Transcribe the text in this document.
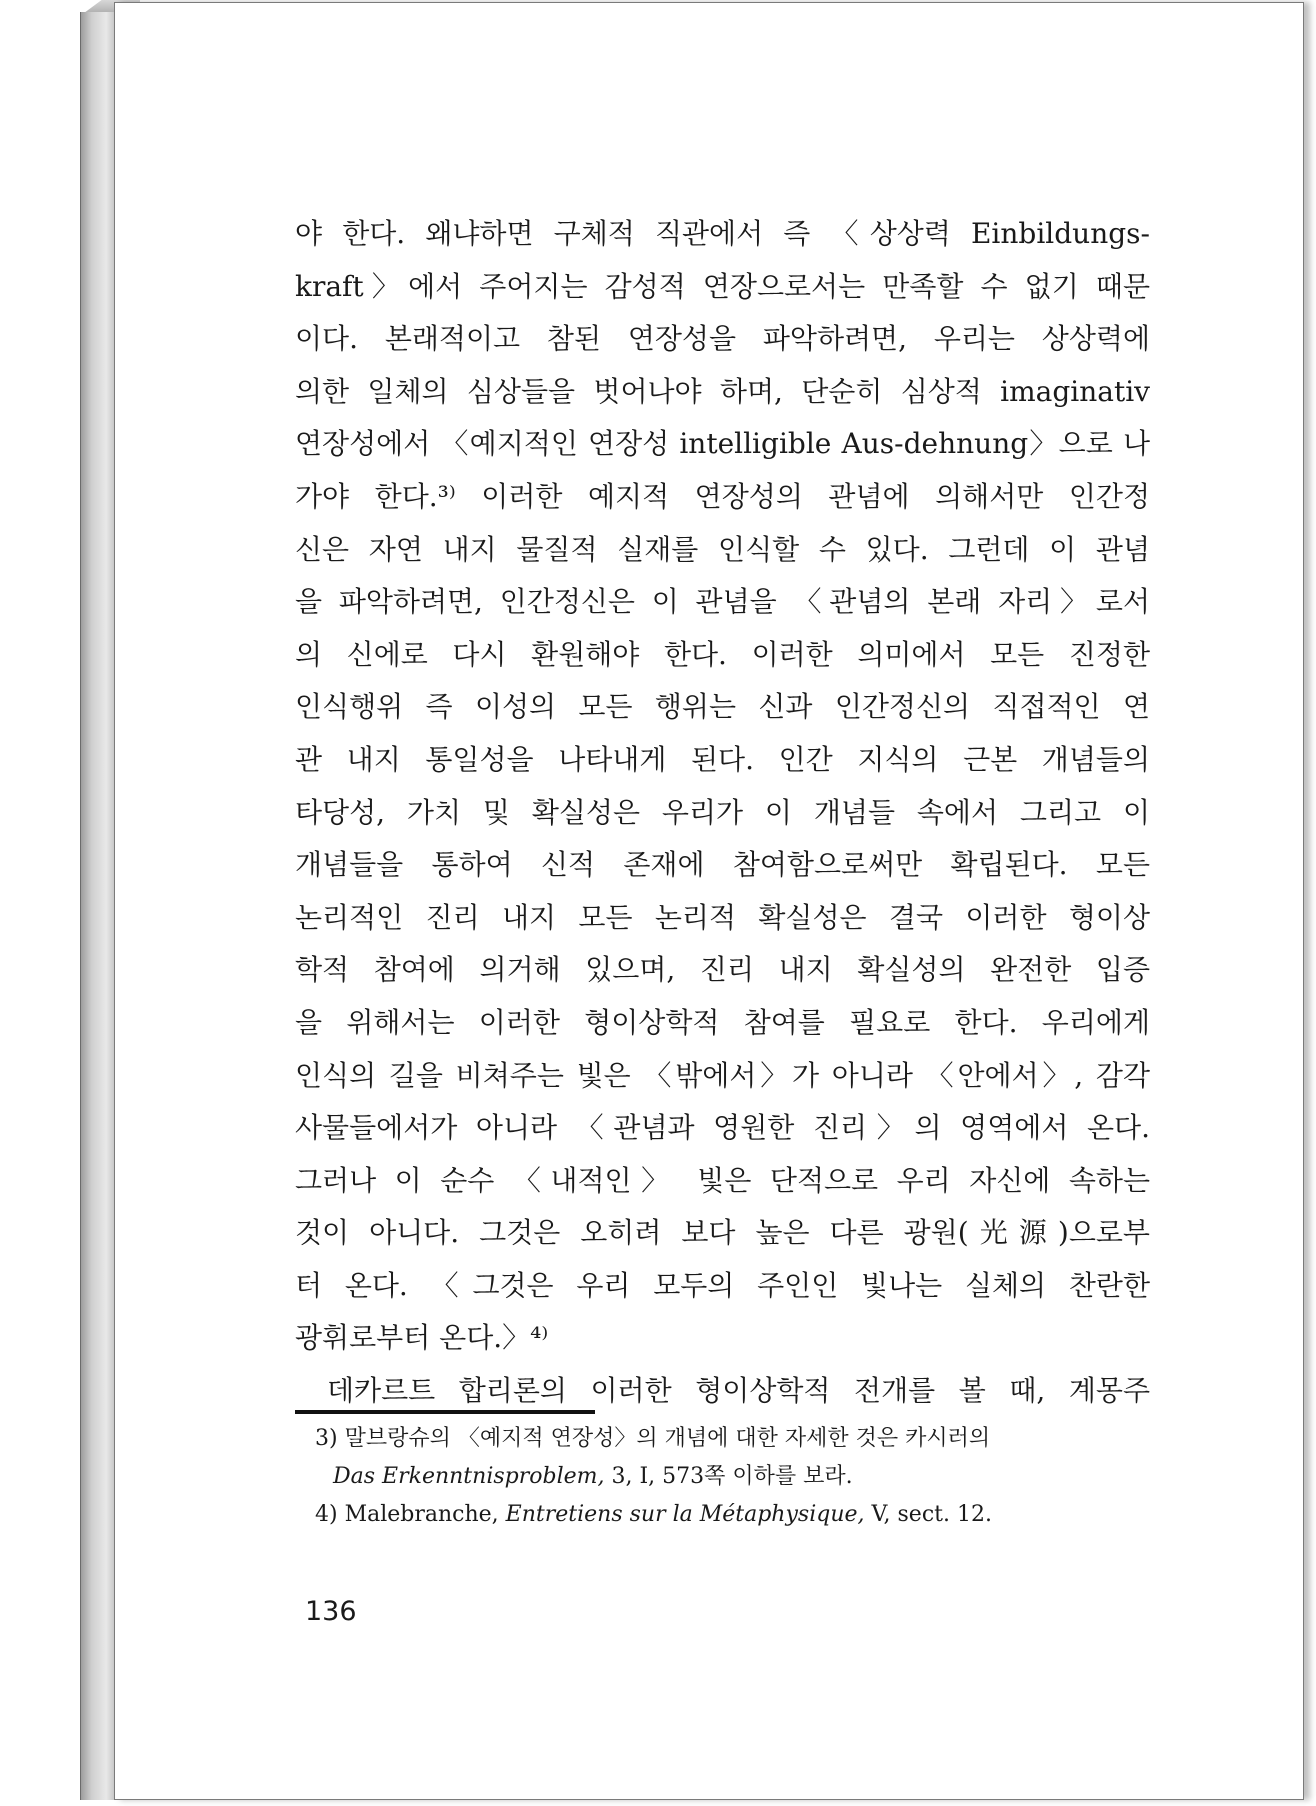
야 한다. 왜냐하면 구체적 직관에서 즉 〈상상력 Einbildungs-
kraft〉에서 주어지는 감성적 연장으로서는 만족할 수 없기 때문
이다. 본래적이고 참된 연장성을 파악하려면, 우리는 상상력에
의한 일체의 심상들을 벗어나야 하며, 단순히 심상적 imaginativ
연장성에서 〈예지적인 연장성 intelligible Aus-dehnung〉으로 나
가야 한다.³⁾ 이러한 예지적 연장성의 관념에 의해서만 인간정
신은 자연 내지 물질적 실재를 인식할 수 있다. 그런데 이 관념
을 파악하려면, 인간정신은 이 관념을 〈관념의 본래 자리〉로서
의 신에로 다시 환원해야 한다. 이러한 의미에서 모든 진정한
인식행위 즉 이성의 모든 행위는 신과 인간정신의 직접적인 연
관 내지 통일성을 나타내게 된다. 인간 지식의 근본 개념들의
타당성, 가치 및 확실성은 우리가 이 개념들 속에서 그리고 이
개념들을 통하여 신적 존재에 참여함으로써만 확립된다. 모든
논리적인 진리 내지 모든 논리적 확실성은 결국 이러한 형이상
학적 참여에 의거해 있으며, 진리 내지 확실성의 완전한 입증
을 위해서는 이러한 형이상학적 참여를 필요로 한다. 우리에게
인식의 길을 비쳐주는 빛은 〈밖에서〉가 아니라 〈안에서〉, 감각
사물들에서가 아니라 〈관념과 영원한 진리〉의 영역에서 온다.
그러나 이 순수 〈내적인〉 빛은 단적으로 우리 자신에 속하는
것이 아니다. 그것은 오히려 보다 높은 다른 광원(光源)으로부
터 온다. 〈그것은 우리 모두의 주인인 빛나는 실체의 찬란한
광휘로부터 온다.〉⁴⁾
데카르트 합리론의 이러한 형이상학적 전개를 볼 때, 계몽주
3) 말브랑슈의 〈예지적 연장성〉의 개념에 대한 자세한 것은 카시러의
Das Erkenntnisproblem, 3, I, 573쪽 이하를 보라.
4) Malebranche, Entretiens sur la Métaphysique, V, sect. 12.
136
